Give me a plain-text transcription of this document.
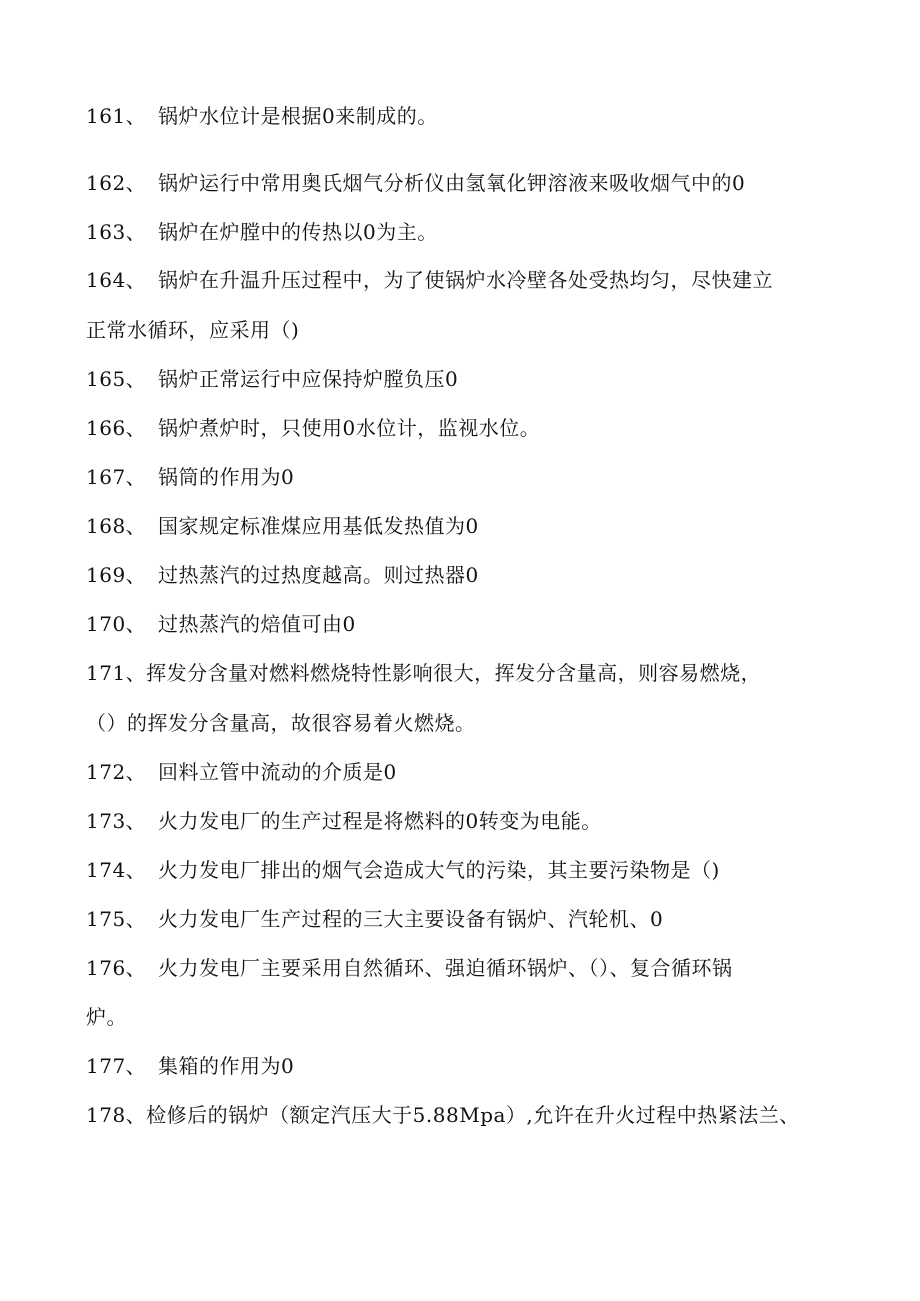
161、 锅炉水位计是根据0来制成的。
162、 锅炉运行中常用奥氏烟气分析仪由氢氧化钾溶液来吸收烟气中的0
163、 锅炉在炉膛中的传热以0为主。
164、 锅炉在升温升压过程中，为了使锅炉水冷壁各处受热均匀，尽快建立
正常水循环，应采用（)
165、 锅炉正常运行中应保持炉膛负压0
166、 锅炉煮炉时，只使用0水位计，监视水位。
167、 锅筒的作用为0
168、 国家规定标准煤应用基低发热值为0
169、 过热蒸汽的过热度越高。则过热器0
170、 过热蒸汽的焙值可由0
171、挥发分含量对燃料燃烧特性影响很大，挥发分含量高，则容易燃烧，
（）的挥发分含量高，故很容易着火燃烧。
172、 回料立管中流动的介质是0
173、 火力发电厂的生产过程是将燃料的0转变为电能。
174、 火力发电厂排出的烟气会造成大气的污染，其主要污染物是（)
175、 火力发电厂生产过程的三大主要设备有锅炉、汽轮机、0
176、 火力发电厂主要采用自然循环、强迫循环锅炉、（）、复合循环锅
炉。
177、 集箱的作用为0
178、检修后的锅炉（额定汽压大于5.88Mpa）,允许在升火过程中热紧法兰、
